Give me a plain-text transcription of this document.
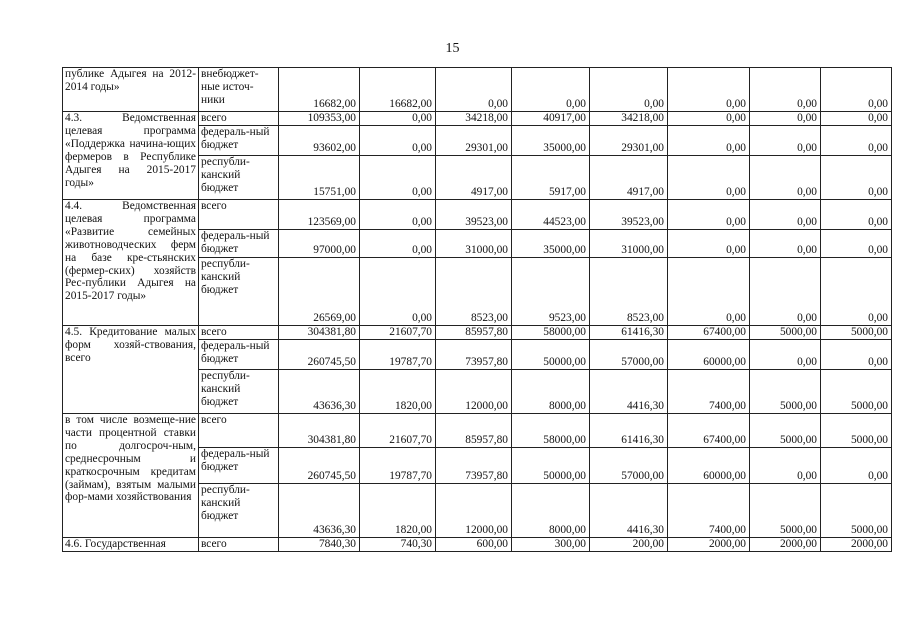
15
публике Адыгея на 2012-2014 годы»	внебюджет-ные источ-ники	16682,00	16682,00	0,00	0,00	0,00	0,00	0,00	0,00
4.3. Ведомственная целевая программа «Поддержка начина-ющих фермеров в Республике Адыгея на 2015-2017 годы»	всего	109353,00	0,00	34218,00	40917,00	34218,00	0,00	0,00	0,00
	федераль-ный бюджет	93602,00	0,00	29301,00	35000,00	29301,00	0,00	0,00	0,00
	республи-канский бюджет	15751,00	0,00	4917,00	5917,00	4917,00	0,00	0,00	0,00
4.4. Ведомственная целевая программа «Развитие семейных животноводческих ферм на базе кре-стьянских (фермер-ских) хозяйств Рес-публики Адыгея на 2015-2017 годы»	всего	123569,00	0,00	39523,00	44523,00	39523,00	0,00	0,00	0,00
	федераль-ный бюджет	97000,00	0,00	31000,00	35000,00	31000,00	0,00	0,00	0,00
	республи-канский бюджет	26569,00	0,00	8523,00	9523,00	8523,00	0,00	0,00	0,00
4.5. Кредитование малых форм хозяй-ствования, всего	всего	304381,80	21607,70	85957,80	58000,00	61416,30	67400,00	5000,00	5000,00
	федераль-ный бюджет	260745,50	19787,70	73957,80	50000,00	57000,00	60000,00	0,00	0,00
	республи-канский бюджет	43636,30	1820,00	12000,00	8000,00	4416,30	7400,00	5000,00	5000,00
в том числе возмеще-ние части процентной ставки по долгосроч-ным, среднесрочным и краткосрочным кредитам (займам), взятым малыми фор-мами хозяйствования	всего	304381,80	21607,70	85957,80	58000,00	61416,30	67400,00	5000,00	5000,00
	федераль-ный бюджет	260745,50	19787,70	73957,80	50000,00	57000,00	60000,00	0,00	0,00
	республи-канский бюджет	43636,30	1820,00	12000,00	8000,00	4416,30	7400,00	5000,00	5000,00
4.6. Государственная	всего	7840,30	740,30	600,00	300,00	200,00	2000,00	2000,00	2000,00
